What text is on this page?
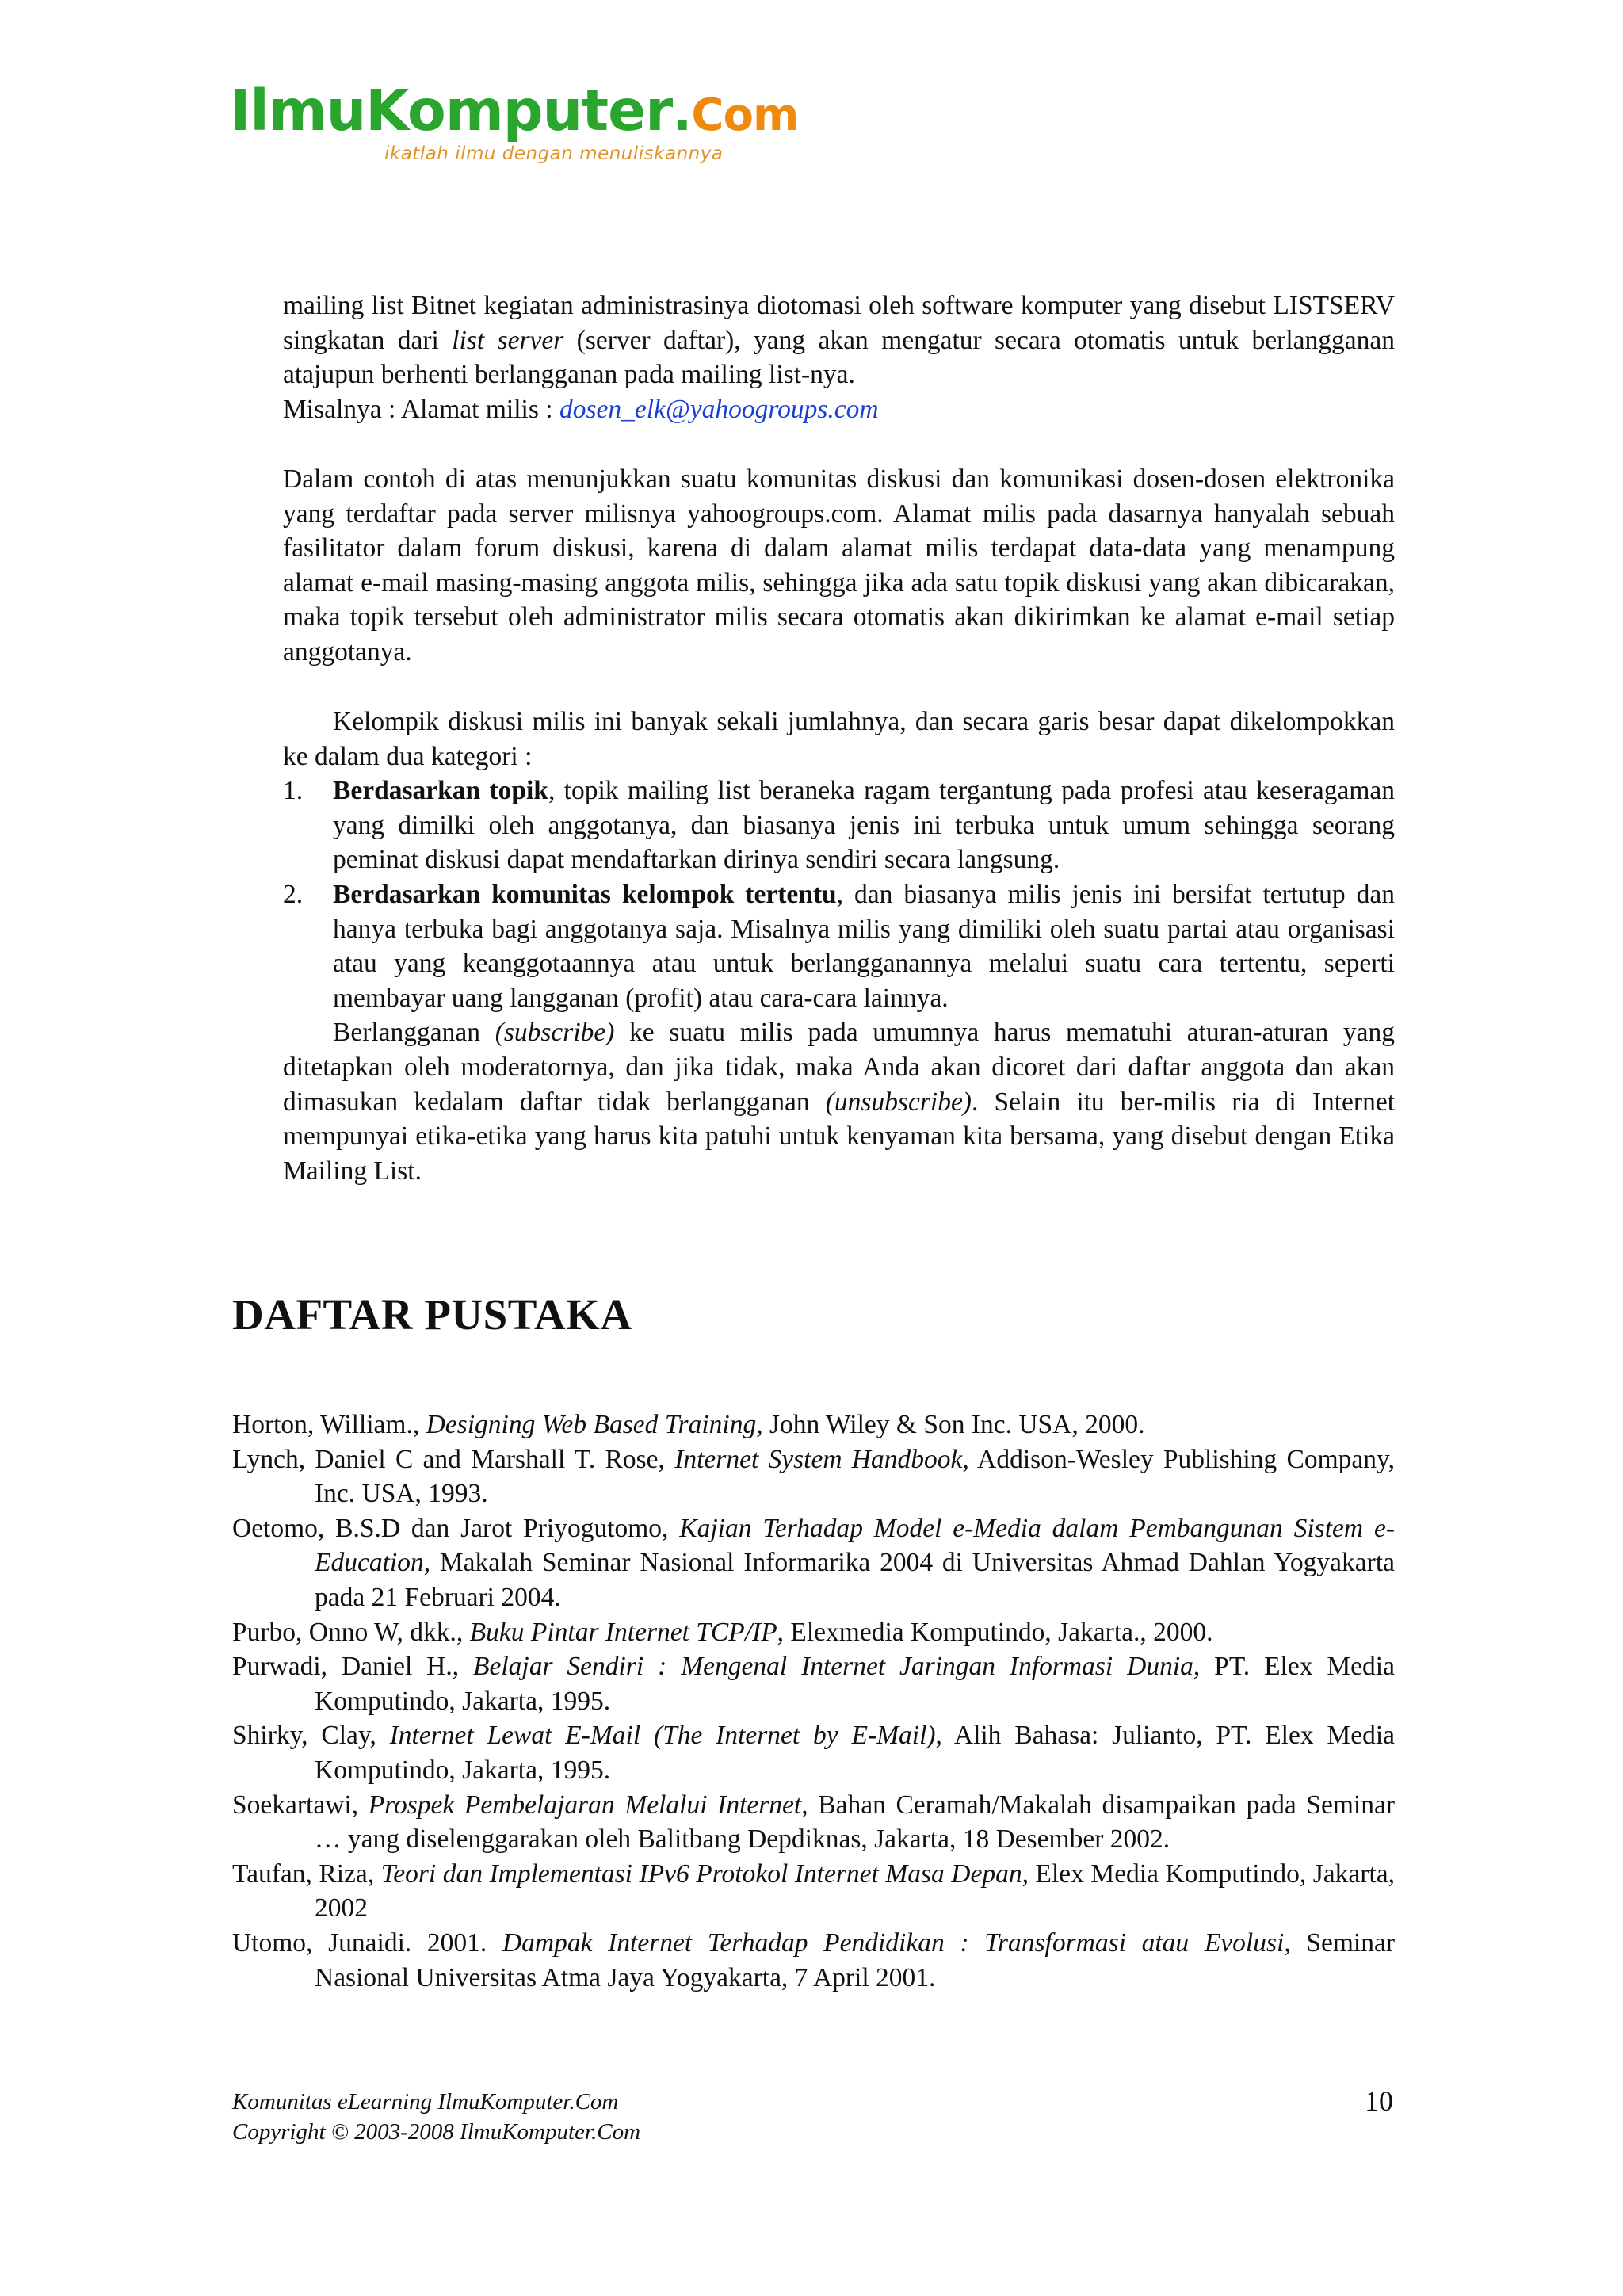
IlmuKomputer . Com
ikatlah ilmu dengan menuliskannya

mailing list Bitnet kegiatan administrasinya diotomasi oleh software komputer yang disebut LISTSERV singkatan dari list server (server daftar), yang akan mengatur secara otomatis untuk berlangganan atajupun berhenti berlangganan pada mailing list-nya.

Misalnya : Alamat milis : dosen_elk@yahoogroups.com

Dalam contoh di atas menunjukkan suatu komunitas diskusi dan komunikasi dosen-dosen elektronika yang terdaftar pada server milisnya yahoogroups.com. Alamat milis pada dasarnya hanyalah sebuah fasilitator dalam forum diskusi, karena di dalam alamat milis terdapat data-data yang menampung alamat e-mail masing-masing anggota milis, sehingga jika ada satu topik diskusi yang akan dibicarakan, maka topik tersebut oleh administrator milis secara otomatis akan dikirimkan ke alamat e-mail setiap anggotanya.

Kelompik diskusi milis ini banyak sekali jumlahnya, dan secara garis besar dapat dikelompokkan ke dalam dua kategori :

1. Berdasarkan topik, topik mailing list beraneka ragam tergantung pada profesi atau keseragaman yang dimilki oleh anggotanya, dan biasanya jenis ini terbuka untuk umum sehingga seorang peminat diskusi dapat mendaftarkan dirinya sendiri secara langsung.
2. Berdasarkan komunitas kelompok tertentu, dan biasanya milis jenis ini bersifat tertutup dan hanya terbuka bagi anggotanya saja. Misalnya milis yang dimiliki oleh suatu partai atau organisasi atau yang keanggotaannya atau untuk berlangganannya melalui suatu cara tertentu, seperti membayar uang langganan (profit) atau cara-cara lainnya.

Berlangganan (subscribe) ke suatu milis pada umumnya harus mematuhi aturan-aturan yang ditetapkan oleh moderatornya, dan jika tidak, maka Anda akan dicoret dari daftar anggota dan akan dimasukan kedalam daftar tidak berlangganan (unsubscribe). Selain itu ber-milis ria di Internet mempunyai etika-etika yang harus kita patuhi untuk kenyaman kita bersama, yang disebut dengan Etika Mailing List.

DAFTAR PUSTAKA

Horton, William., Designing Web Based Training, John Wiley & Son Inc. USA, 2000.

Lynch, Daniel C and Marshall T. Rose, Internet System Handbook, Addison-Wesley Publishing Company, Inc. USA, 1993.

Oetomo, B.S.D dan Jarot Priyogutomo, Kajian Terhadap Model e-Media dalam Pembangunan Sistem e-Education, Makalah Seminar Nasional Informarika 2004 di Universitas Ahmad Dahlan Yogyakarta pada 21 Februari 2004.

Purbo, Onno W, dkk., Buku Pintar Internet TCP/IP, Elexmedia Komputindo, Jakarta., 2000.

Purwadi, Daniel H., Belajar Sendiri : Mengenal Internet Jaringan Informasi Dunia, PT. Elex Media Komputindo, Jakarta, 1995.

Shirky, Clay, Internet Lewat E-Mail (The Internet by E-Mail), Alih Bahasa: Julianto, PT. Elex Media Komputindo, Jakarta, 1995.

Soekartawi, Prospek Pembelajaran Melalui Internet, Bahan Ceramah/Makalah disampaikan pada Seminar … yang diselenggarakan oleh Balitbang Depdiknas, Jakarta, 18 Desember 2002.

Taufan, Riza, Teori dan Implementasi IPv6 Protokol Internet Masa Depan, Elex Media Komputindo, Jakarta, 2002

Utomo, Junaidi. 2001. Dampak Internet Terhadap Pendidikan : Transformasi atau Evolusi, Seminar Nasional Universitas Atma Jaya Yogyakarta, 7 April 2001.

Komunitas eLearning IlmuKomputer.Com
Copyright © 2003-2008 IlmuKomputer.Com
10
